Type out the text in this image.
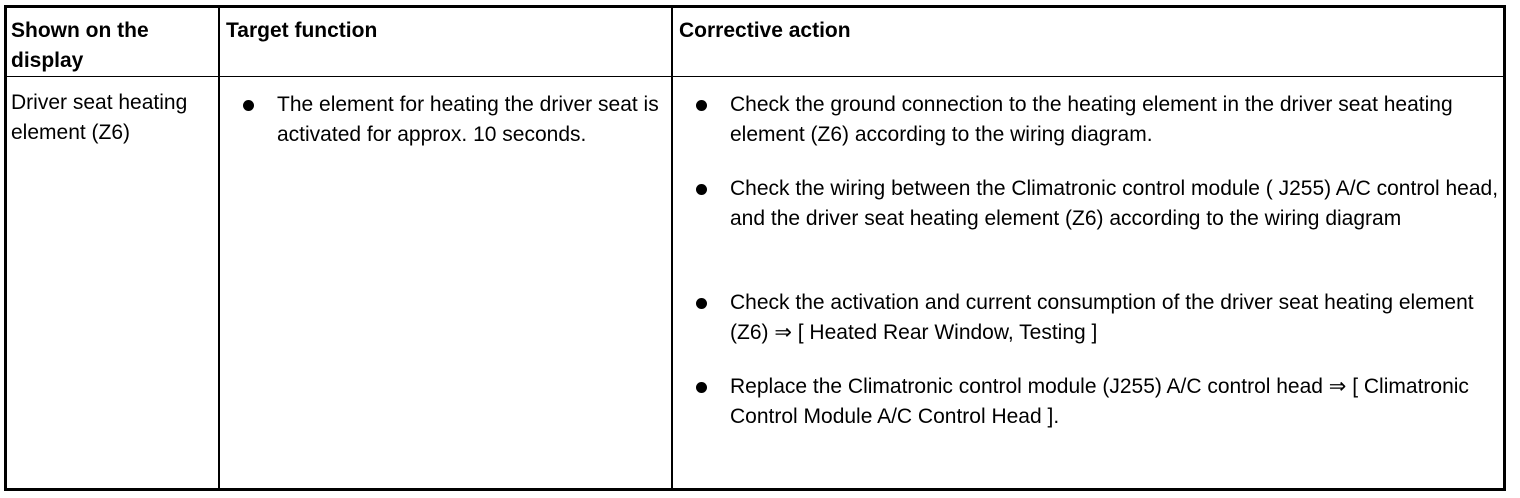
Shown on the display
Target function	Corrective action
Driver seat heating element (Z6)
The element for heating the driver seat is activated for approx. 10 seconds.
Check the ground connection to the heating element in the driver seat heating element (Z6) according to the wiring diagram.
Check the wiring between the Climatronic control module ( J255) A/C control head, and the driver seat heating element (Z6) according to the wiring diagram
Check the activation and current consumption of the driver seat heating element (Z6) ⇒ [ Heated Rear Window, Testing ]
Replace the Climatronic control module (J255) A/C control head ⇒ [ Climatronic Control Module A/C Control Head ].
